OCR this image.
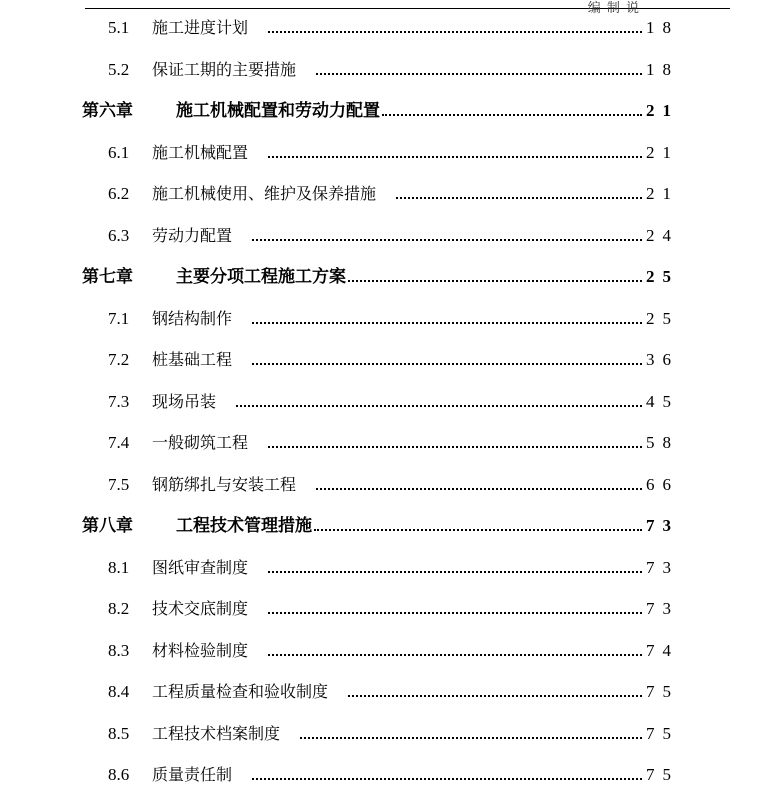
编 制 说
5.1 施工进度计划	18
5.2 保证工期的主要措施	18
第六章	施工机械配置和劳动力配置	21
6.1 施工机械配置	21
6.2 施工机械使用、维护及保养措施	21
6.3 劳动力配置	24
第七章	主要分项工程施工方案	25
7.1 钢结构制作	25
7.2 桩基础工程	36
7.3 现场吊装	45
7.4 一般砌筑工程	58
7.5 钢筋绑扎与安装工程	66
第八章	工程技术管理措施	73
8.1 图纸审查制度	73
8.2 技术交底制度	73
8.3 材料检验制度	74
8.4 工程质量检查和验收制度	75
8.5 工程技术档案制度	75
8.6 质量责任制	75
